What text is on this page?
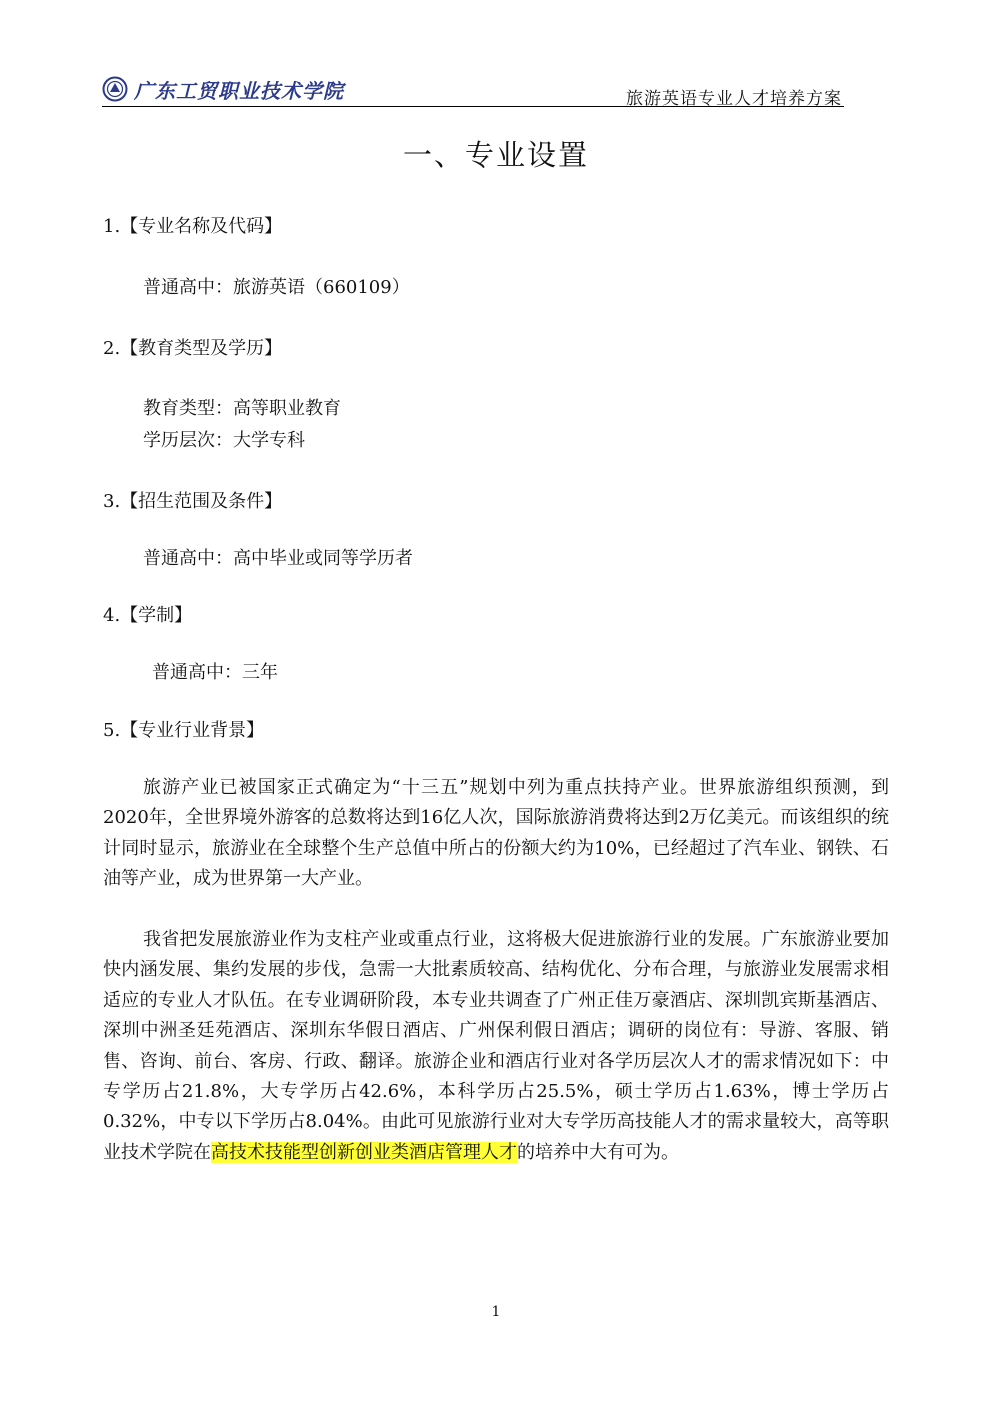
广东工贸职业技术学院	旅游英语专业人才培养方案
一、专业设置
1.【专业名称及代码】
普通高中：旅游英语（660109）
2.【教育类型及学历】
教育类型：高等职业教育
学历层次：大学专科
3.【招生范围及条件】
普通高中：高中毕业或同等学历者
4.【学制】
普通高中：三年
5.【专业行业背景】
旅游产业已被国家正式确定为“十三五”规划中列为重点扶持产业。世界旅游组织预测，到2020年，全世界境外游客的总数将达到16亿人次，国际旅游消费将达到2万亿美元。而该组织的统计同时显示，旅游业在全球整个生产总值中所占的份额大约为10%，已经超过了汽车业、钢铁、石油等产业，成为世界第一大产业。
我省把发展旅游业作为支柱产业或重点行业，这将极大促进旅游行业的发展。广东旅游业要加快内涵发展、集约发展的步伐，急需一大批素质较高、结构优化、分布合理，与旅游业发展需求相适应的专业人才队伍。在专业调研阶段，本专业共调查了广州正佳万豪酒店、深圳凯宾斯基酒店、深圳中洲圣廷苑酒店、深圳东华假日酒店、广州保利假日酒店；调研的岗位有：导游、客服、销售、咨询、前台、客房、行政、翻译。旅游企业和酒店行业对各学历层次人才的需求情况如下：中专学历占21.8%，大专学历占42.6%，本科学历占25.5%，硕士学历占1.63%，博士学历占0.32%，中专以下学历占8.04%。由此可见旅游行业对大专学历高技能人才的需求量较大，高等职业技术学院在高技术技能型创新创业类酒店管理人才的培养中大有可为。
1
